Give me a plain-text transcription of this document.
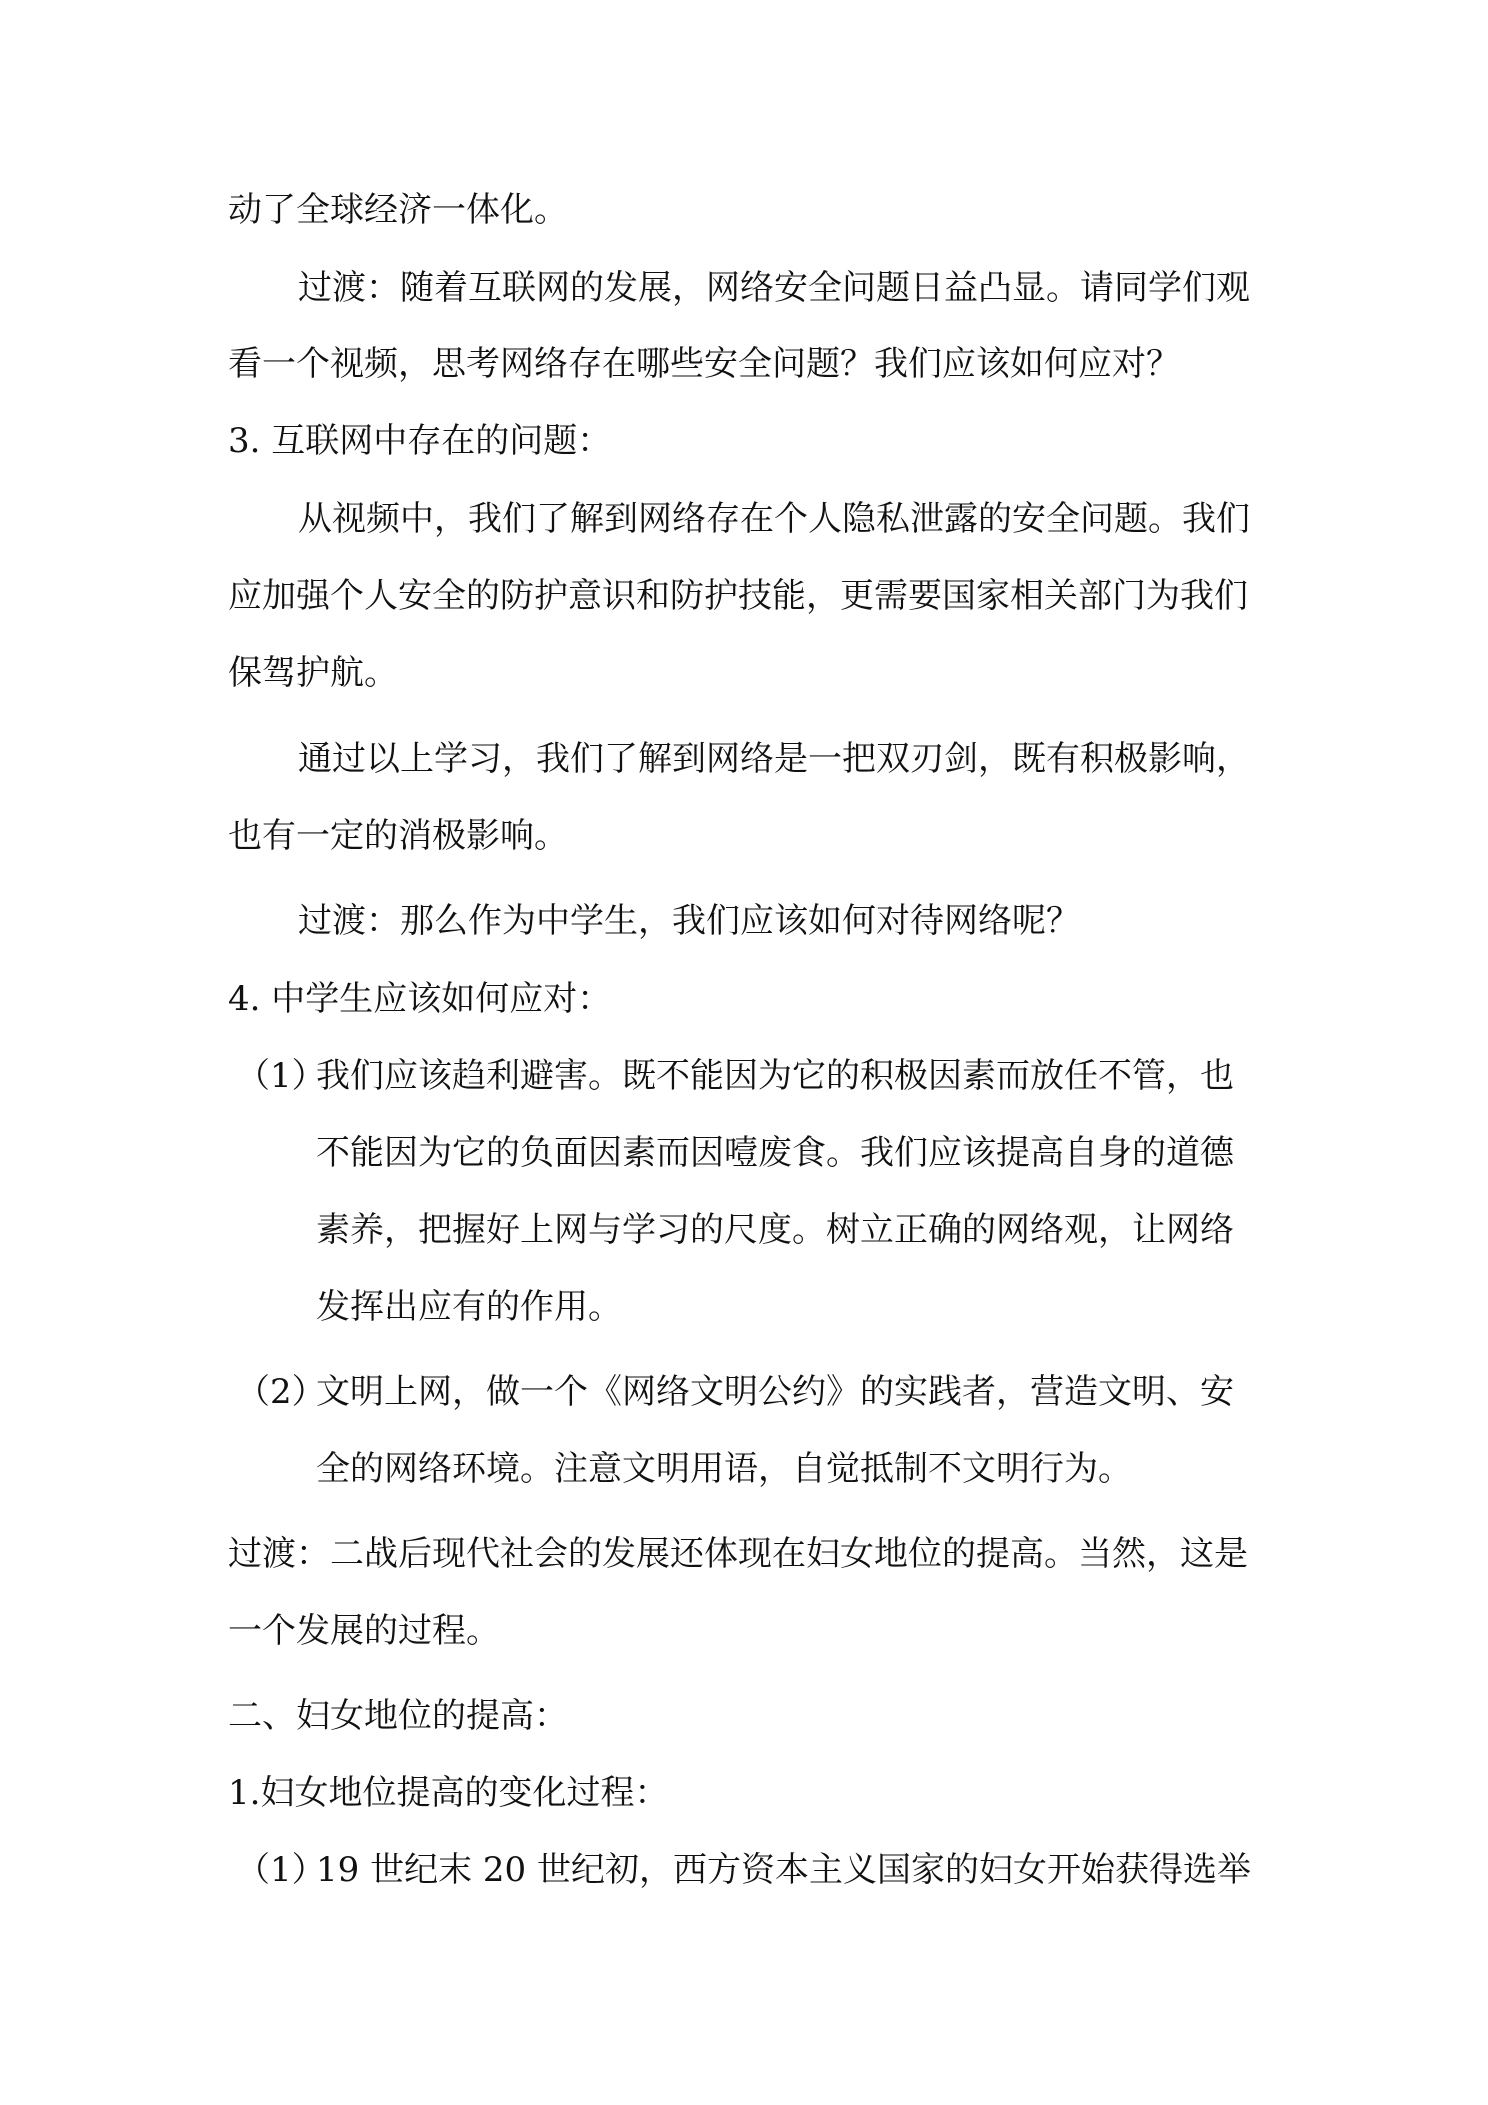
动了全球经济一体化。
过渡：随着互联网的发展，网络安全问题日益凸显。请同学们观
看一个视频，思考网络存在哪些安全问题？我们应该如何应对？
3. 互联网中存在的问题：
从视频中，我们了解到网络存在个人隐私泄露的安全问题。我们
应加强个人安全的防护意识和防护技能，更需要国家相关部门为我们
保驾护航。
通过以上学习，我们了解到网络是一把双刃剑，既有积极影响，
也有一定的消极影响。
过渡：那么作为中学生，我们应该如何对待网络呢？
4. 中学生应该如何应对：
（1）
我们应该趋利避害。既不能因为它的积极因素而放任不管，也
不能因为它的负面因素而因噎废食。我们应该提高自身的道德
素养，把握好上网与学习的尺度。树立正确的网络观，让网络
发挥出应有的作用。
（2）
文明上网，做一个《网络文明公约》的实践者，营造文明、安
全的网络环境。注意文明用语，自觉抵制不文明行为。
过渡：二战后现代社会的发展还体现在妇女地位的提高。当然，这是
一个发展的过程。
二、妇女地位的提高：
1.妇女地位提高的变化过程：
（1）
19 世纪末 20 世纪初，西方资本主义国家的妇女开始获得选举
